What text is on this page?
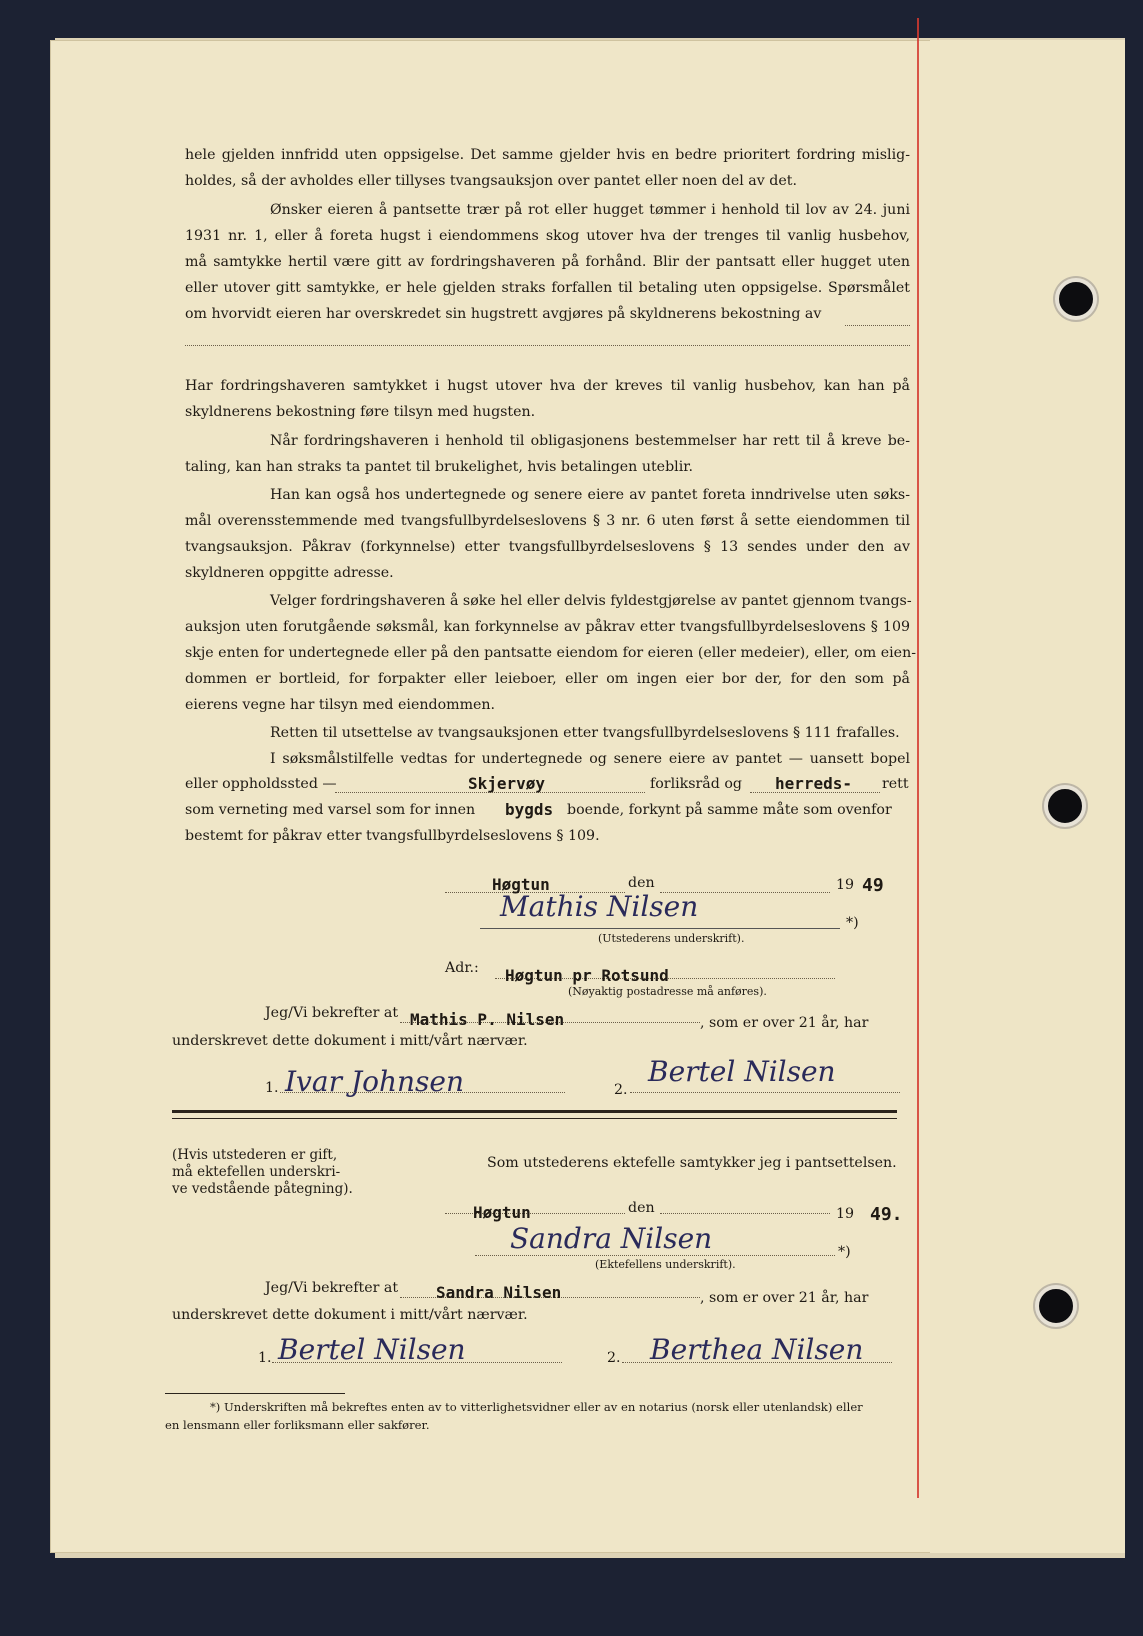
hele gjelden innfridd uten oppsigelse. Det samme gjelder hvis en bedre prioritert fordring mislig-
holdes, så der avholdes eller tillyses tvangsauksjon over pantet eller noen del av det.
Ønsker eieren å pantsette trær på rot eller hugget tømmer i henhold til lov av 24. juni
1931 nr. 1, eller å foreta hugst i eiendommens skog utover hva der trenges til vanlig husbehov,
må samtykke hertil være gitt av fordringshaveren på forhånd. Blir der pantsatt eller hugget uten
eller utover gitt samtykke, er hele gjelden straks forfallen til betaling uten oppsigelse. Spørsmålet
om hvorvidt eieren har overskredet sin hugstrett avgjøres på skyldnerens bekostning av
Har fordringshaveren samtykket i hugst utover hva der kreves til vanlig husbehov, kan han på
skyldnerens bekostning føre tilsyn med hugsten.
Når fordringshaveren i henhold til obligasjonens bestemmelser har rett til å kreve be-
taling, kan han straks ta pantet til brukelighet, hvis betalingen uteblir.
Han kan også hos undertegnede og senere eiere av pantet foreta inndrivelse uten søks-
mål overensstemmende med tvangsfullbyrdelseslovens § 3 nr. 6 uten først å sette eiendommen til
tvangsauksjon. Påkrav (forkynnelse) etter tvangsfullbyrdelseslovens § 13 sendes under den av
skyldneren oppgitte adresse.
Velger fordringshaveren å søke hel eller delvis fyldestgjørelse av pantet gjennom tvangs-
auksjon uten forutgående søksmål, kan forkynnelse av påkrav etter tvangsfullbyrdelseslovens § 109
skje enten for undertegnede eller på den pantsatte eiendom for eieren (eller medeier), eller, om eien-
dommen er bortleid, for forpakter eller leieboer, eller om ingen eier bor der, for den som på
eierens vegne har tilsyn med eiendommen.
Retten til utsettelse av tvangsauksjonen etter tvangsfullbyrdelseslovens § 111 frafalles.
I søksmålstilfelle vedtas for undertegnede og senere eiere av pantet — uansett bopel
eller oppholdssted —	Skjervøy	forliksråd og herreds- rett
som verneting med varsel som for innen bygds boende, forkynt på samme måte som ovenfor
bestemt for påkrav etter tvangsfullbyrdelseslovens § 109.
Høgtun	den	19 49
Mathis Nilsen	*)
(Utstederens underskrift).
Adr.: Høgtun pr Rotsund
(Nøyaktig postadresse må anføres).
Jeg/Vi bekrefter at Mathis P. Nilsen	, som er over 21 år, har
underskrevet dette dokument i mitt/vårt nærvær.
1. Ivar Johnsen	2.
Bertel Nilsen
(Hvis utstederen er gift,
må ektefellen underskri-
ve vedstående påtegning).
Som utstederens ektefelle samtykker jeg i pantsettelsen.
Høgtun	den	19 49.
Sandra Nilsen	*)
(Ektefellens underskrift).
Jeg/Vi bekrefter at Sandra Nilsen	, som er over 21 år, har
underskrevet dette dokument i mitt/vårt nærvær.
1. Bertel Nilsen	2. Berthea Nilsen
*) Underskriften må bekreftes enten av to vitterlighetsvidner eller av en notarius (norsk eller utenlandsk) eller
en lensmann eller forliksmann eller sakfører.
